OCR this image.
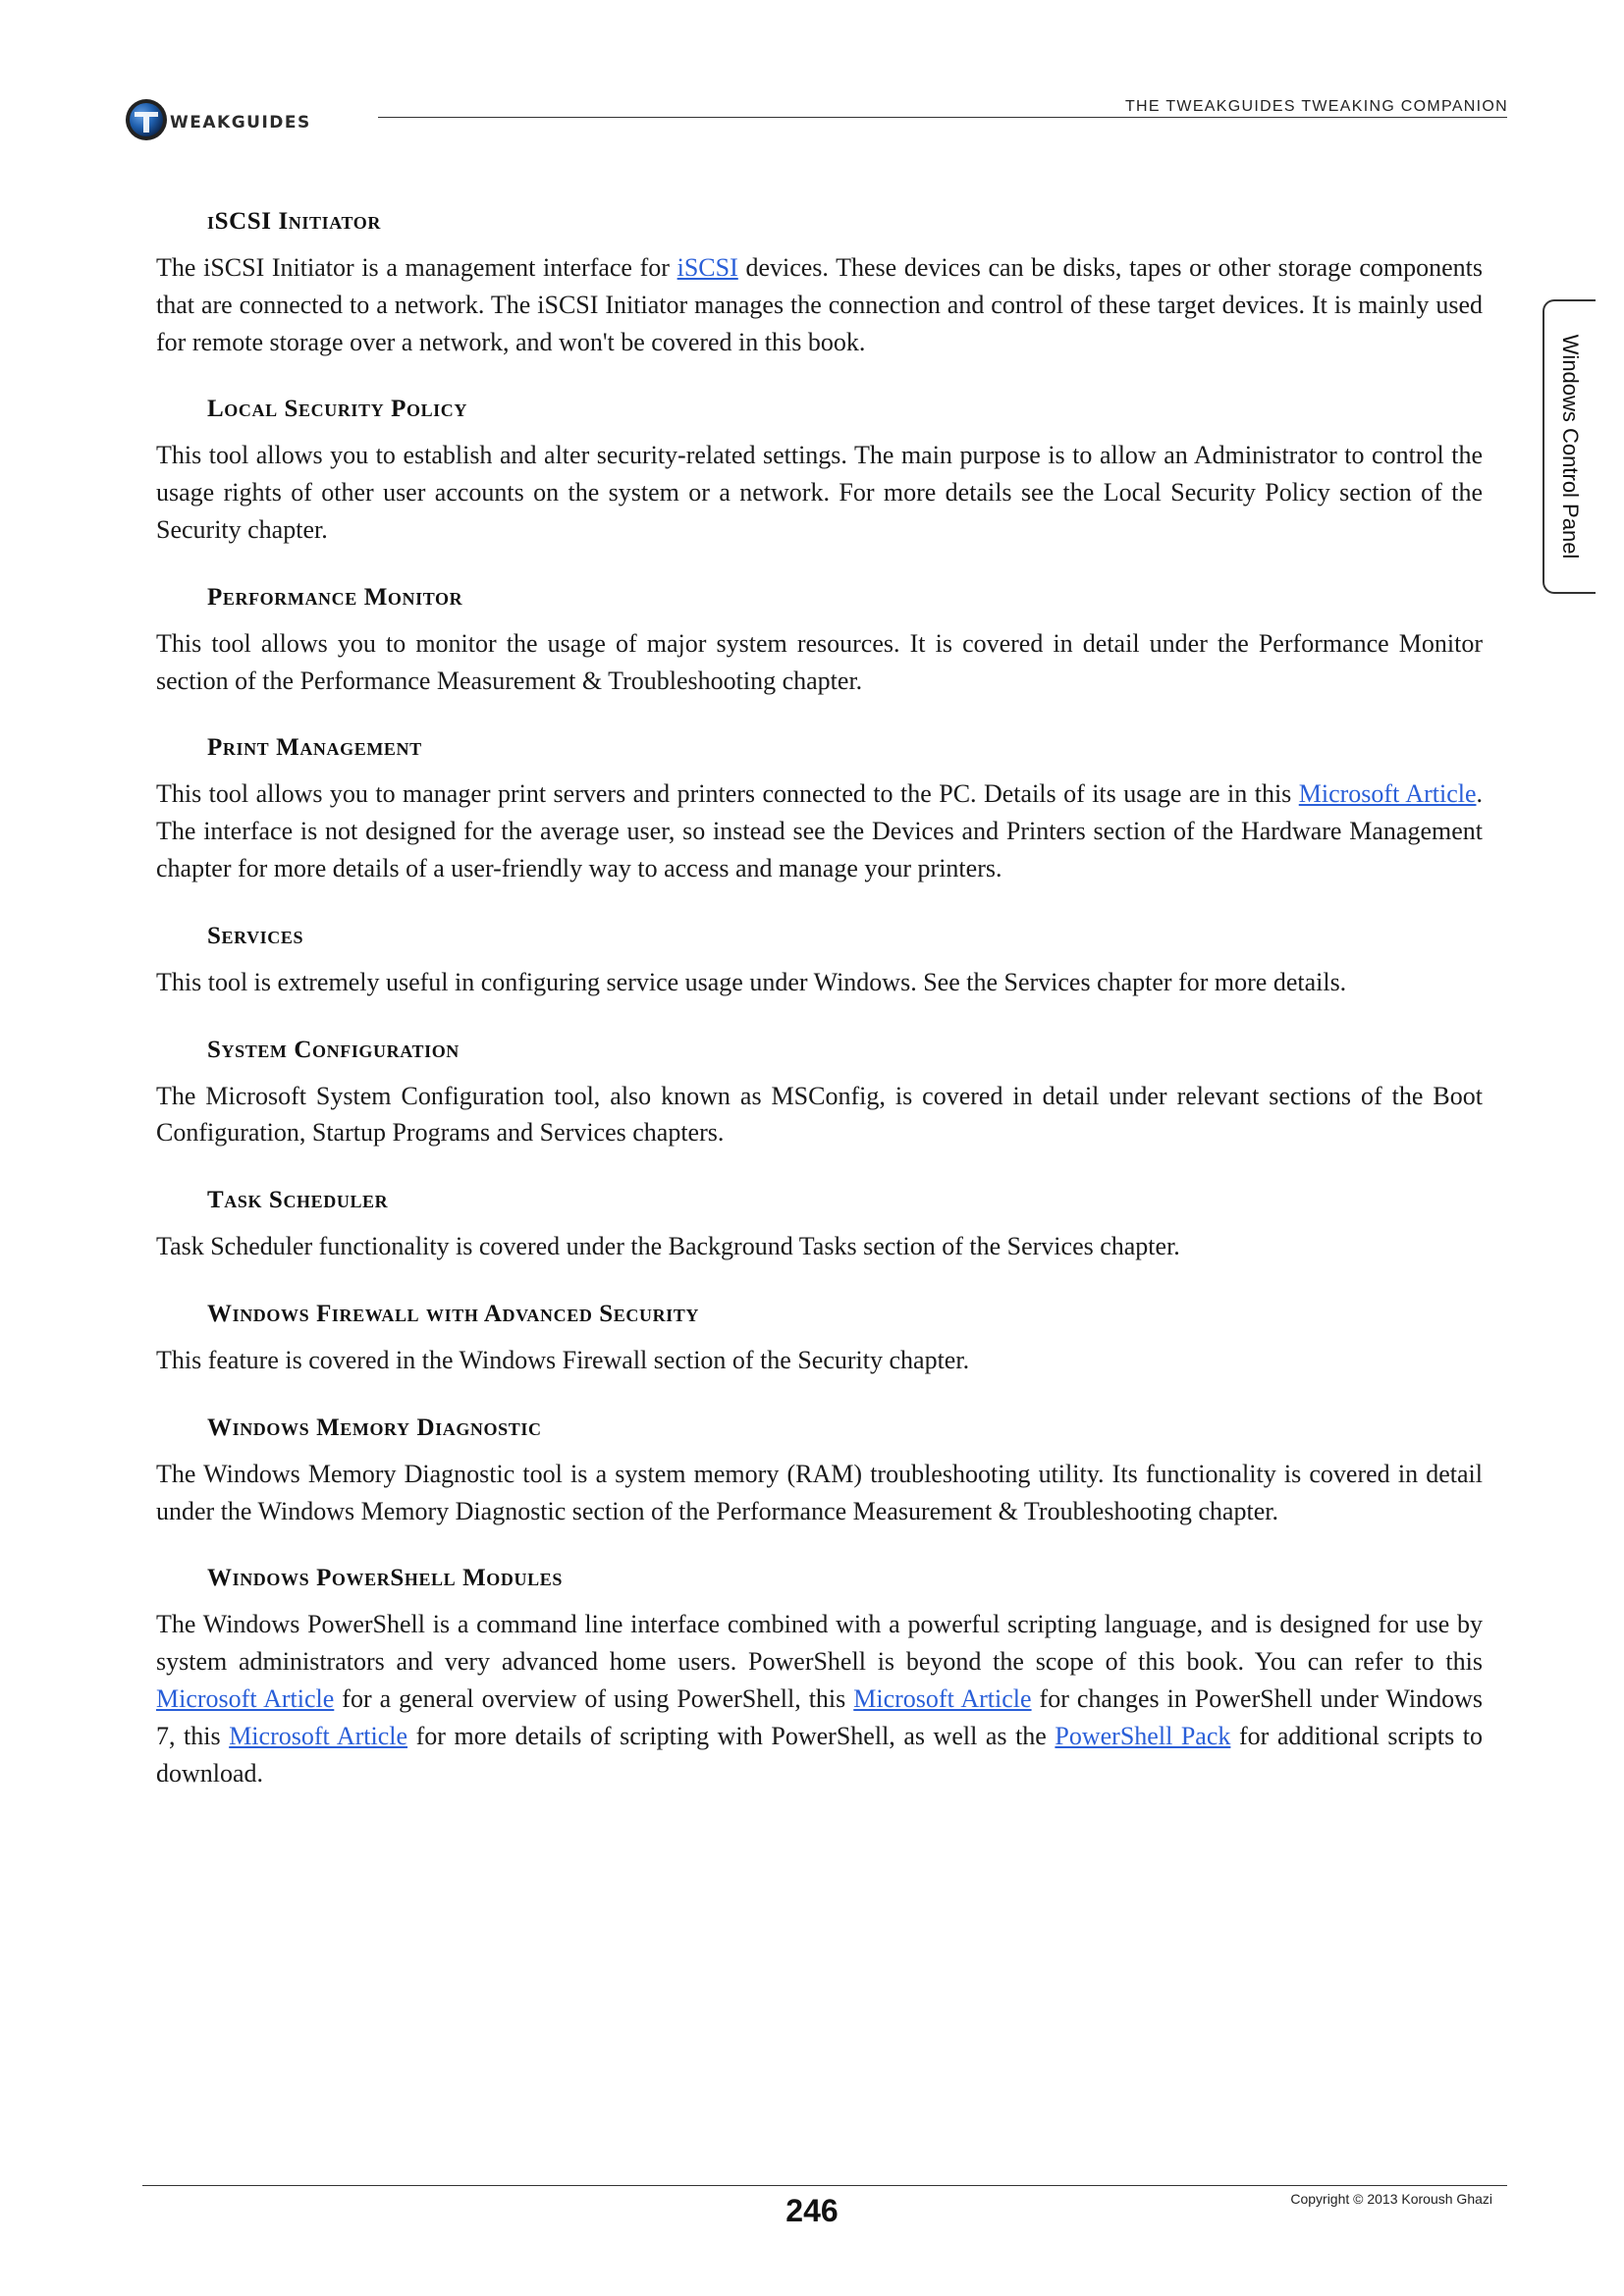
WEAKGUIDES
THE TWEAKGUIDES TWEAKING COMPANION
Windows Control Panel
iSCSI Initiator

The iSCSI Initiator is a management interface for iSCSI devices. These devices can be disks, tapes or other storage components that are connected to a network. The iSCSI Initiator manages the connection and control of these target devices. It is mainly used for remote storage over a network, and won't be covered in this book.

Local Security Policy

This tool allows you to establish and alter security-related settings. The main purpose is to allow an Administrator to control the usage rights of other user accounts on the system or a network. For more details see the Local Security Policy section of the Security chapter.

Performance Monitor

This tool allows you to monitor the usage of major system resources. It is covered in detail under the Performance Monitor section of the Performance Measurement & Troubleshooting chapter.

Print Management

This tool allows you to manager print servers and printers connected to the PC. Details of its usage are in this Microsoft Article. The interface is not designed for the average user, so instead see the Devices and Printers section of the Hardware Management chapter for more details of a user-friendly way to access and manage your printers.

Services

This tool is extremely useful in configuring service usage under Windows. See the Services chapter for more details.

System Configuration

The Microsoft System Configuration tool, also known as MSConfig, is covered in detail under relevant sections of the Boot Configuration, Startup Programs and Services chapters.

Task Scheduler

Task Scheduler functionality is covered under the Background Tasks section of the Services chapter.

Windows Firewall with Advanced Security

This feature is covered in the Windows Firewall section of the Security chapter.

Windows Memory Diagnostic

The Windows Memory Diagnostic tool is a system memory (RAM) troubleshooting utility. Its functionality is covered in detail under the Windows Memory Diagnostic section of the Performance Measurement & Troubleshooting chapter.

Windows PowerShell Modules

The Windows PowerShell is a command line interface combined with a powerful scripting language, and is designed for use by system administrators and very advanced home users. PowerShell is beyond the scope of this book. You can refer to this Microsoft Article for a general overview of using PowerShell, this Microsoft Article for changes in PowerShell under Windows 7, this Microsoft Article for more details of scripting with PowerShell, as well as the PowerShell Pack for additional scripts to download.

246	Copyright © 2013 Koroush Ghazi
